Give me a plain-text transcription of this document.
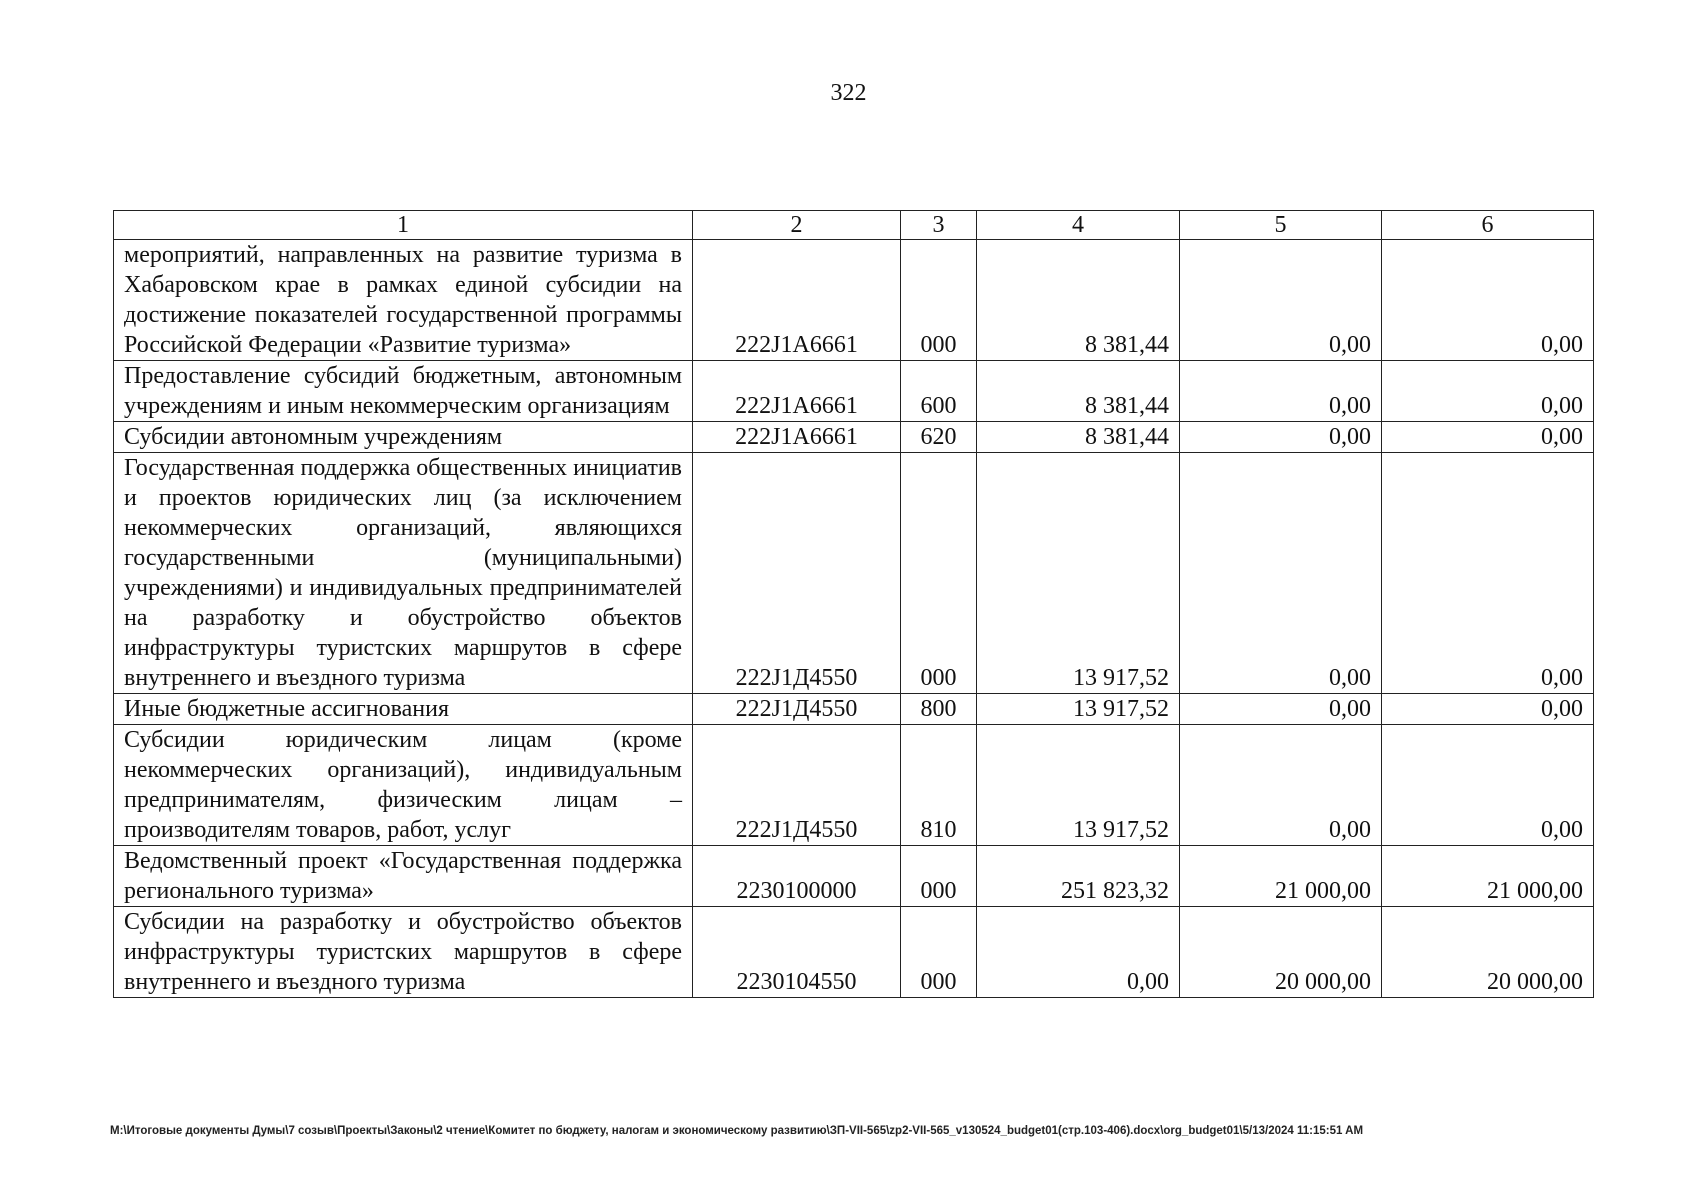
322
1	2	3	4	5	6
мероприятий, направленных на развитие туризма в Хабаровском крае в рамках единой субсидии на достижение показателей государственной программы Российской Федерации «Развитие туризма»	222J1А6661	000	8 381,44	0,00	0,00
Предоставление субсидий бюджетным, автономным учреждениям и иным некоммерческим организациям	222J1А6661	600	8 381,44	0,00	0,00
Субсидии автономным учреждениям	222J1А6661	620	8 381,44	0,00	0,00
Государственная поддержка общественных инициатив и проектов юридических лиц (за исключением некоммерческих организаций, являющихся государственными (муниципальными) учреждениями) и индивидуальных предпринимателей на разработку и обустройство объектов инфраструктуры туристских маршрутов в сфере внутреннего и въездного туризма	222J1Д4550	000	13 917,52	0,00	0,00
Иные бюджетные ассигнования	222J1Д4550	800	13 917,52	0,00	0,00
Субсидии юридическим лицам (кроме некоммерческих организаций), индивидуальным предпринимателям, физическим лицам – производителям товаров, работ, услуг	222J1Д4550	810	13 917,52	0,00	0,00
Ведомственный проект «Государственная поддержка регионального туризма»	2230100000	000	251 823,32	21 000,00	21 000,00
Субсидии на разработку и обустройство объектов инфраструктуры туристских маршрутов в сфере внутреннего и въездного туризма	2230104550	000	0,00	20 000,00	20 000,00
M:\Итоговые документы Думы\7 созыв\Проекты\Законы\2 чтение\Комитет по бюджету, налогам и экономическому развитию\ЗП-VII-565\zp2-VII-565_v130524_budget01(стр.103-406).docx\org_budget01\5/13/2024 11:15:51 AM
